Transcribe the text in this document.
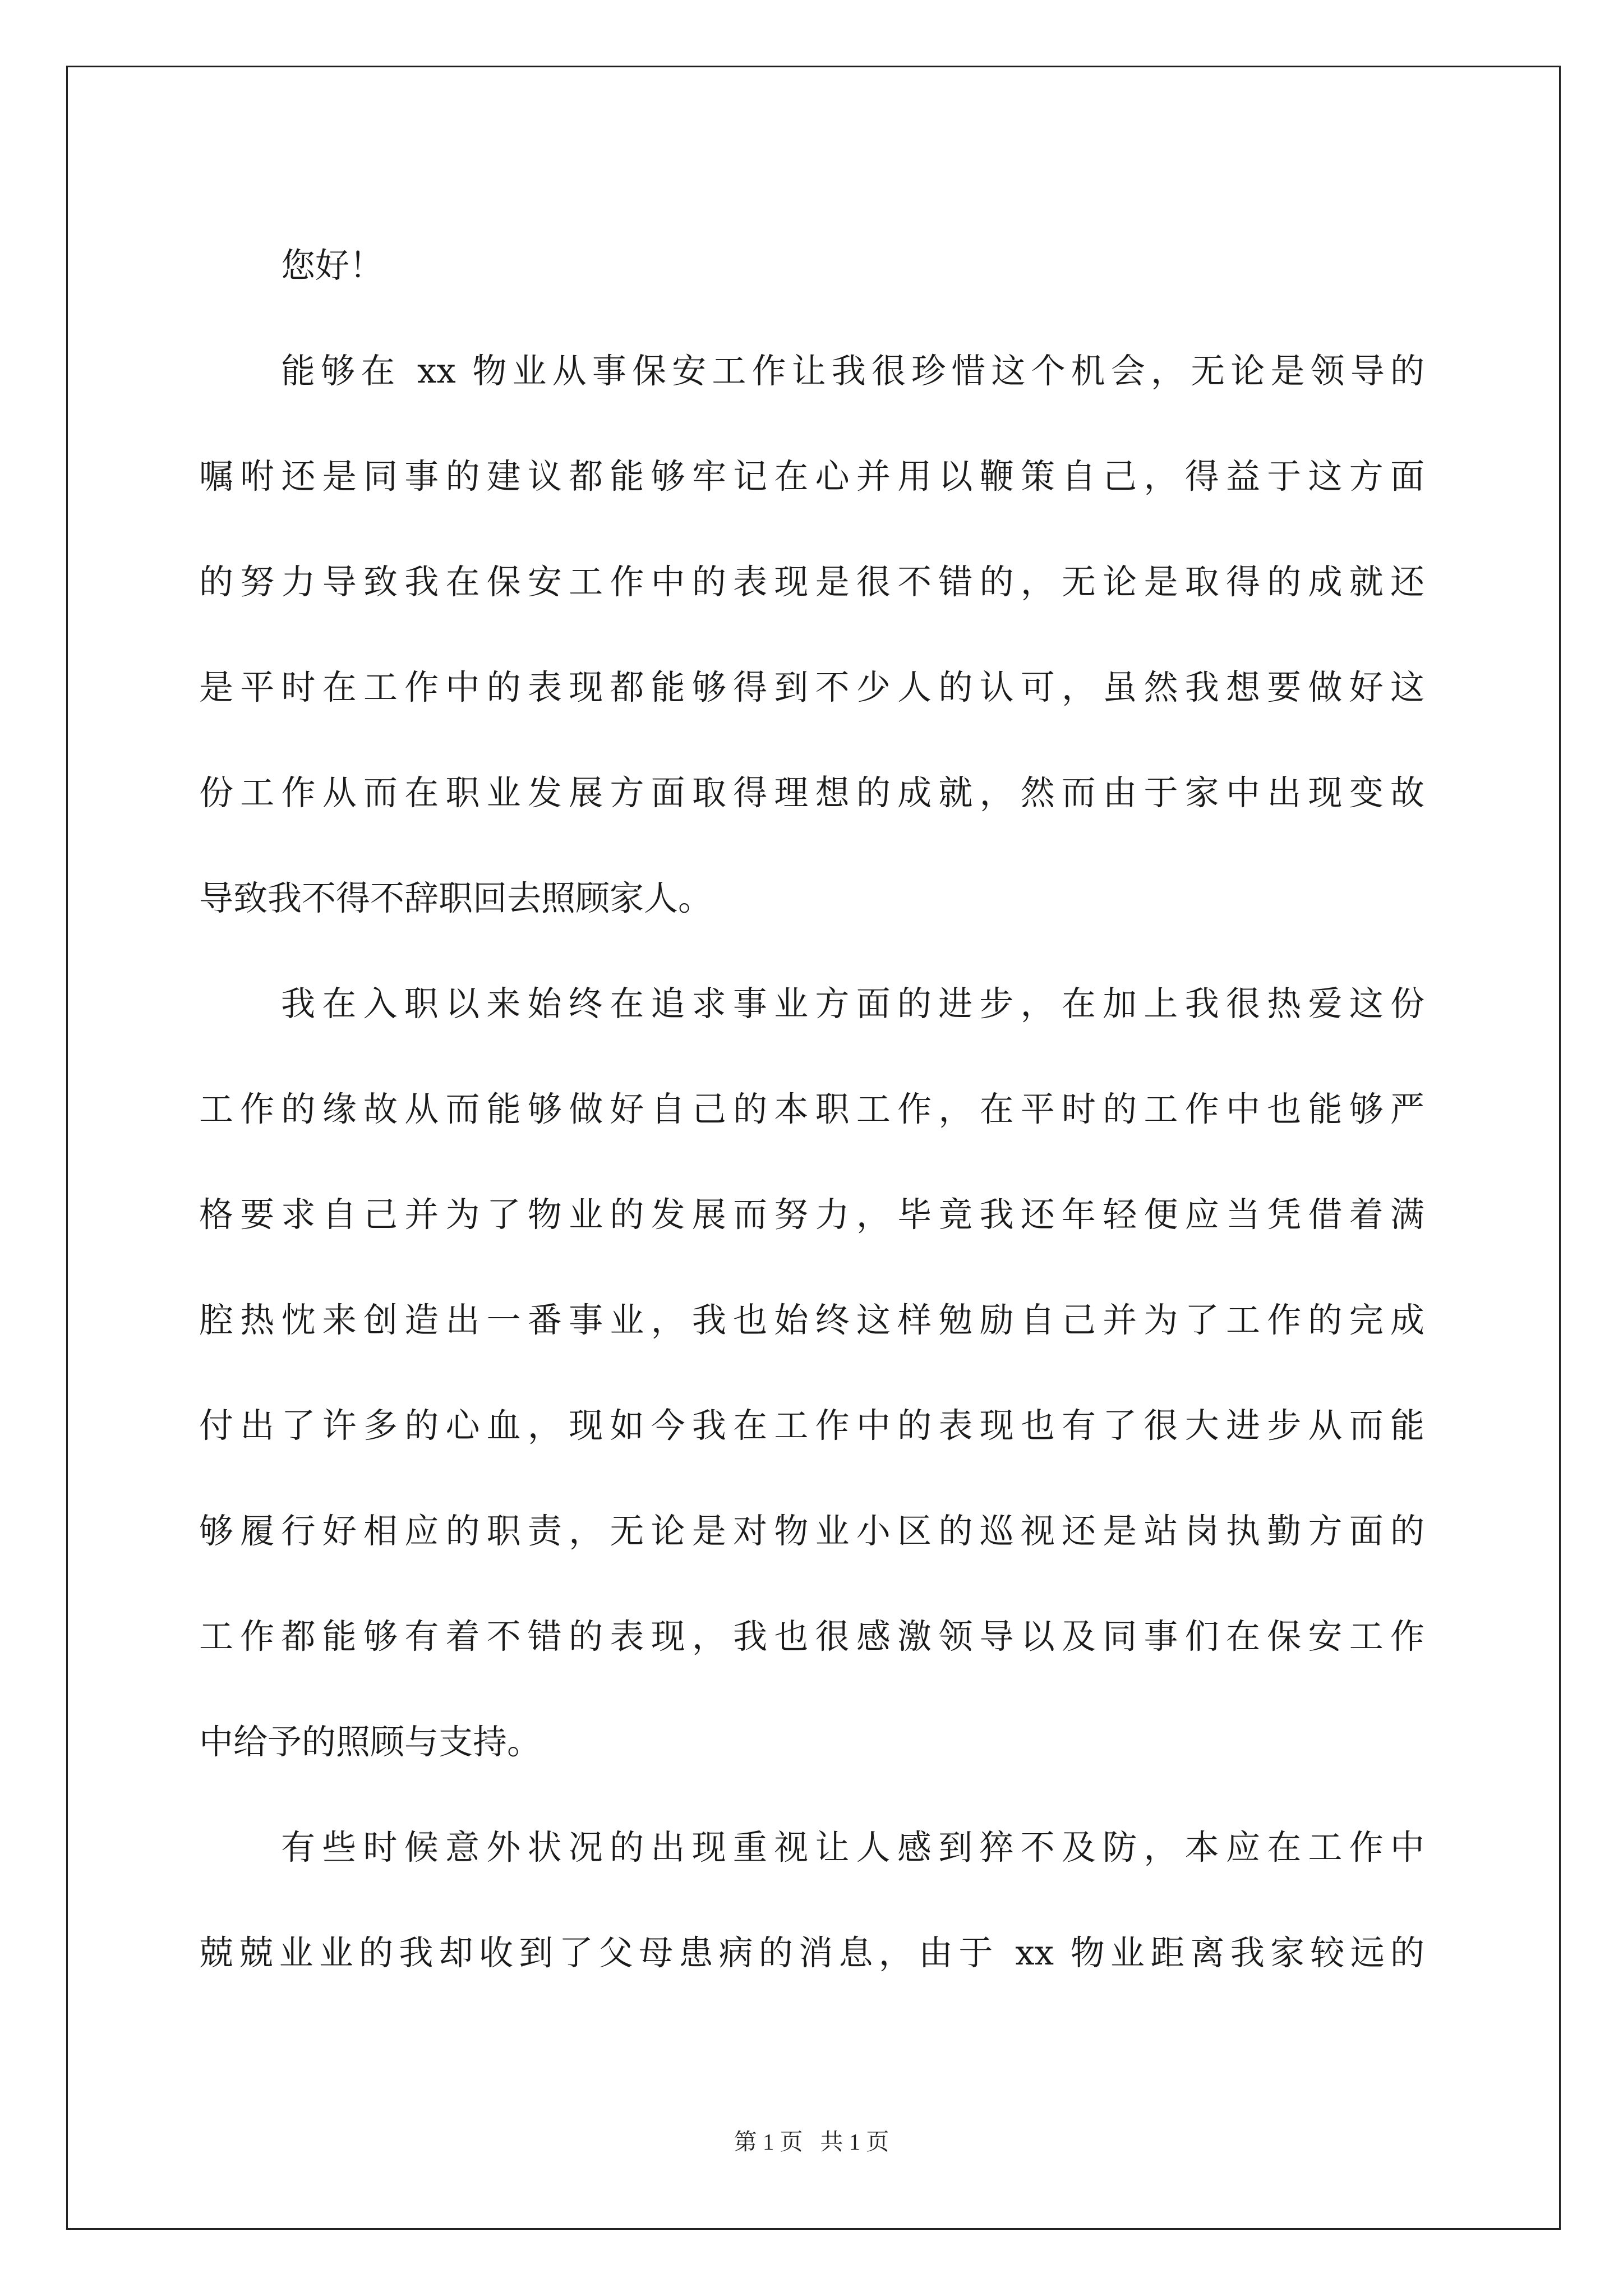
您好！
能够在 xx 物业从事保安工作让我很珍惜这个机会，无论是领导的
嘱咐还是同事的建议都能够牢记在心并用以鞭策自己，得益于这方面
的努力导致我在保安工作中的表现是很不错的，无论是取得的成就还
是平时在工作中的表现都能够得到不少人的认可，虽然我想要做好这
份工作从而在职业发展方面取得理想的成就，然而由于家中出现变故
导致我不得不辞职回去照顾家人。
我在入职以来始终在追求事业方面的进步，在加上我很热爱这份
工作的缘故从而能够做好自己的本职工作，在平时的工作中也能够严
格要求自己并为了物业的发展而努力，毕竟我还年轻便应当凭借着满
腔热忱来创造出一番事业，我也始终这样勉励自己并为了工作的完成
付出了许多的心血，现如今我在工作中的表现也有了很大进步从而能
够履行好相应的职责，无论是对物业小区的巡视还是站岗执勤方面的
工作都能够有着不错的表现，我也很感激领导以及同事们在保安工作
中给予的照顾与支持。
有些时候意外状况的出现重视让人感到猝不及防，本应在工作中
兢兢业业的我却收到了父母患病的消息，由于 xx 物业距离我家较远的
第 1 页   共 1 页
